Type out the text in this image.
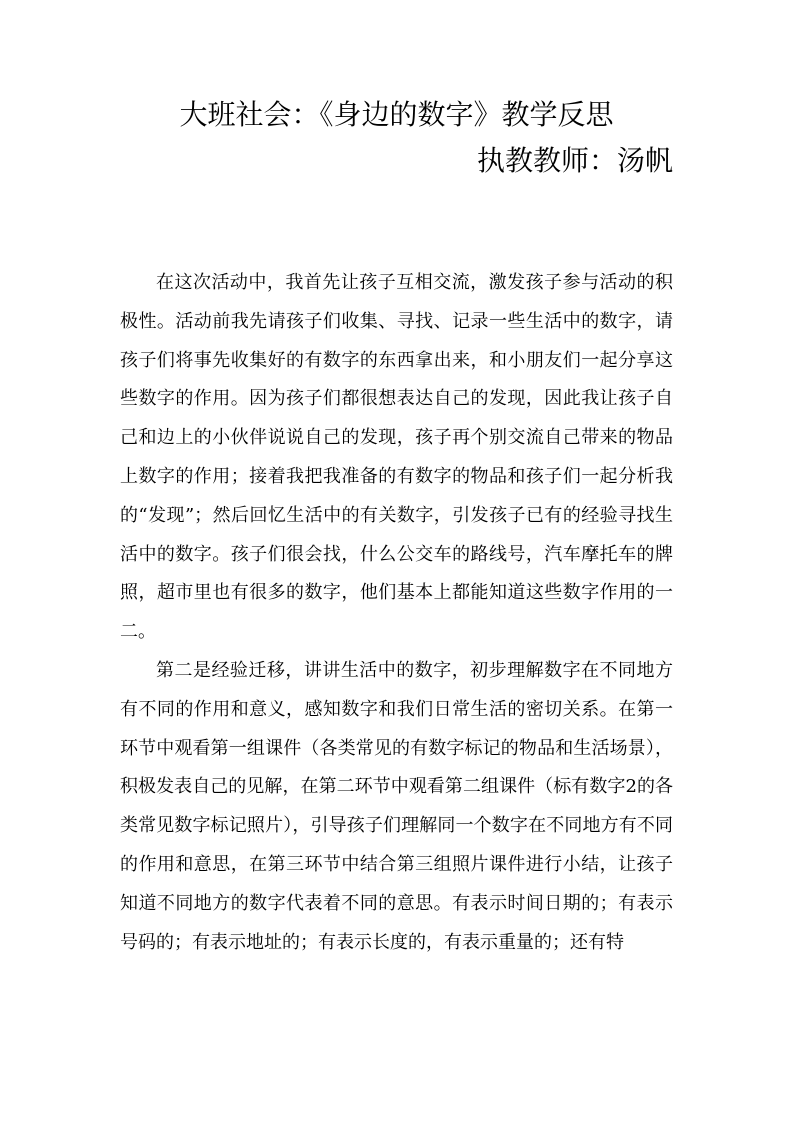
大班社会：《身边的数字》教学反思
执教教师：汤帆

在这次活动中，我首先让孩子互相交流，激发孩子参与活动的积极性。活动前我先请孩子们收集、寻找、记录一些生活中的数字，请孩子们将事先收集好的有数字的东西拿出来，和小朋友们一起分享这些数字的作用。因为孩子们都很想表达自己的发现，因此我让孩子自己和边上的小伙伴说说自己的发现，孩子再个别交流自己带来的物品上数字的作用；接着我把我准备的有数字的物品和孩子们一起分析我的“发现”；然后回忆生活中的有关数字，引发孩子已有的经验寻找生活中的数字。孩子们很会找，什么公交车的路线号，汽车摩托车的牌照，超市里也有很多的数字，他们基本上都能知道这些数字作用的一二。

第二是经验迁移，讲讲生活中的数字，初步理解数字在不同地方有不同的作用和意义，感知数字和我们日常生活的密切关系。在第一环节中观看第一组课件（各类常见的有数字标记的物品和生活场景），积极发表自己的见解，在第二环节中观看第二组课件（标有数字2的各类常见数字标记照片），引导孩子们理解同一个数字在不同地方有不同的作用和意思，在第三环节中结合第三组照片课件进行小结，让孩子知道不同地方的数字代表着不同的意思。有表示时间日期的；有表示号码的；有表示地址的；有表示长度的，有表示重量的；还有特
